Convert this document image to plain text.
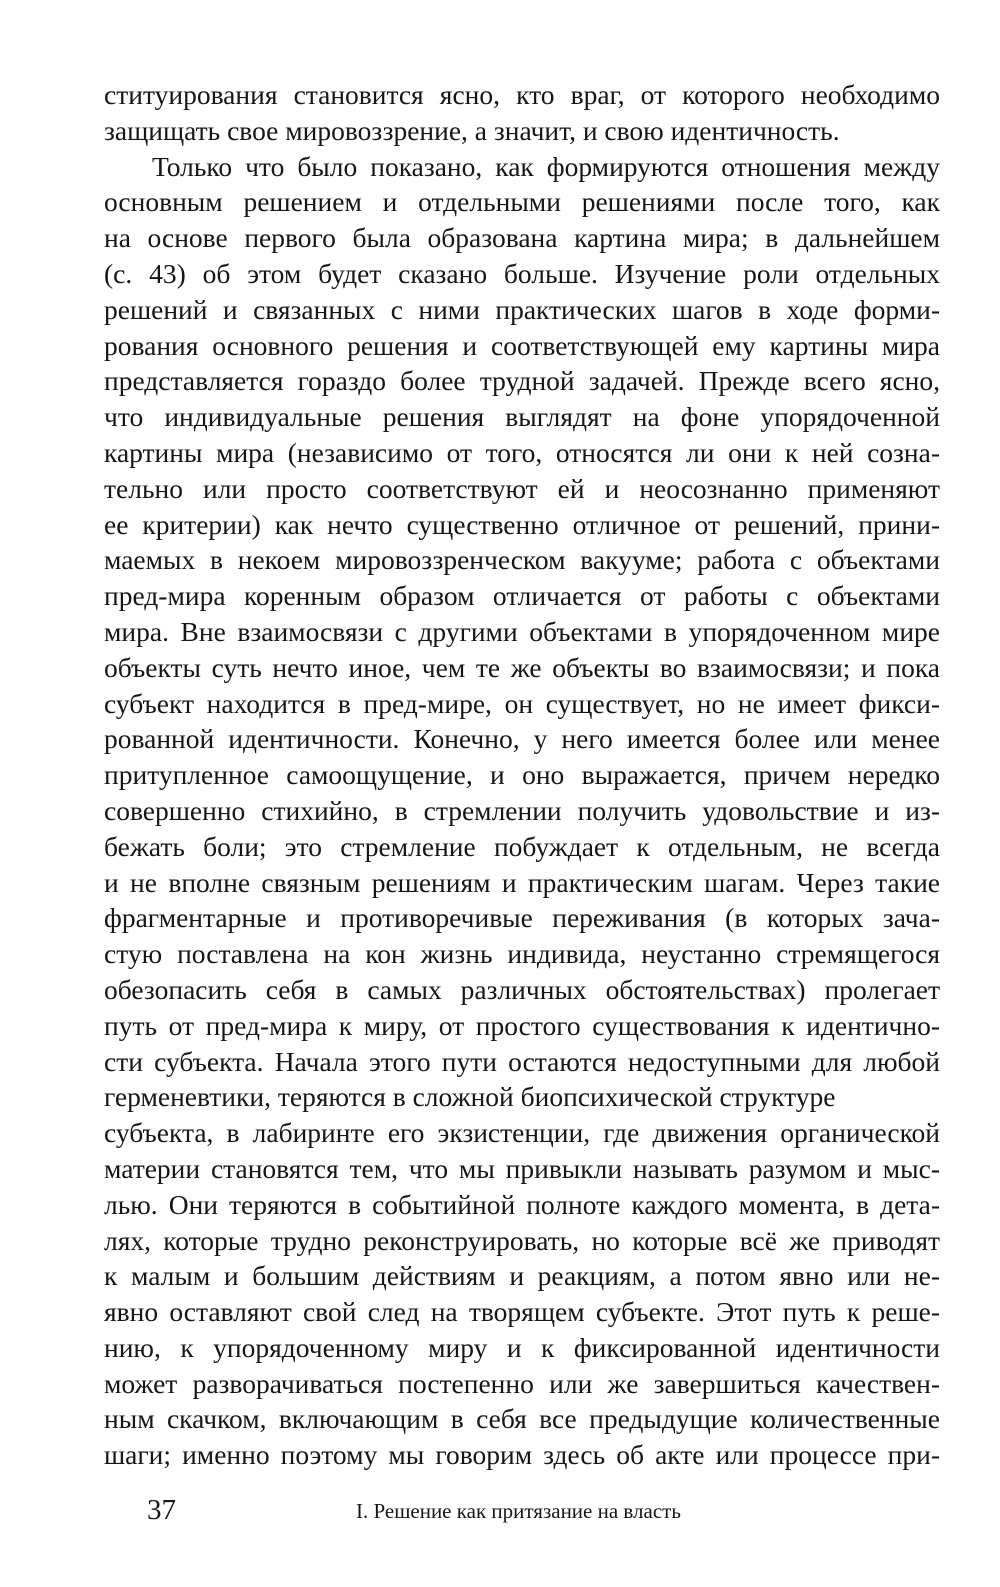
ституирования становится ясно, кто враг, от которого необходимо
защищать свое мировоззрение, а значит, и свою идентичность.
Только что было показано, как формируются отношения между
основным решением и отдельными решениями после того, как
на основе первого была образована картина мира; в дальнейшем
(с. 43) об этом будет сказано больше. Изучение роли отдельных
решений и связанных с ними практических шагов в ходе форми-
рования основного решения и соответствующей ему картины мира
представляется гораздо более трудной задачей. Прежде всего ясно,
что индивидуальные решения выглядят на фоне упорядоченной
картины мира (независимо от того, относятся ли они к ней созна-
тельно или просто соответствуют ей и неосознанно применяют
ее критерии) как нечто существенно отличное от решений, прини-
маемых в некоем мировоззренческом вакууме; работа с объектами
пред-мира коренным образом отличается от работы с объектами
мира. Вне взаимосвязи с другими объектами в упорядоченном мире
объекты суть нечто иное, чем те же объекты во взаимосвязи; и пока
субъект находится в пред-мире, он существует, но не имеет фикси-
рованной идентичности. Конечно, у него имеется более или менее
притупленное самоощущение, и оно выражается, причем нередко
совершенно стихийно, в стремлении получить удовольствие и из-
бежать боли; это стремление побуждает к отдельным, не всегда
и не вполне связным решениям и практическим шагам. Через такие
фрагментарные и противоречивые переживания (в которых зача-
стую поставлена на кон жизнь индивида, неустанно стремящегося
обезопасить себя в самых различных обстоятельствах) пролегает
путь от пред-мира к миру, от простого существования к идентично-
сти субъекта. Начала этого пути остаются недоступными для любой
герменевтики, теряются в сложной биопсихической структуре
субъекта, в лабиринте его экзистенции, где движения органической
материи становятся тем, что мы привыкли называть разумом и мыс-
лью. Они теряются в событийной полноте каждого момента, в дета-
лях, которые трудно реконструировать, но которые всё же приводят
к малым и большим действиям и реакциям, а потом явно или не-
явно оставляют свой след на творящем субъекте. Этот путь к реше-
нию, к упорядоченному миру и к фиксированной идентичности
может разворачиваться постепенно или же завершиться качествен-
ным скачком, включающим в себя все предыдущие количественные
шаги; именно поэтому мы говорим здесь об акте или процессе при-
37	I. Решение как притязание на власть
